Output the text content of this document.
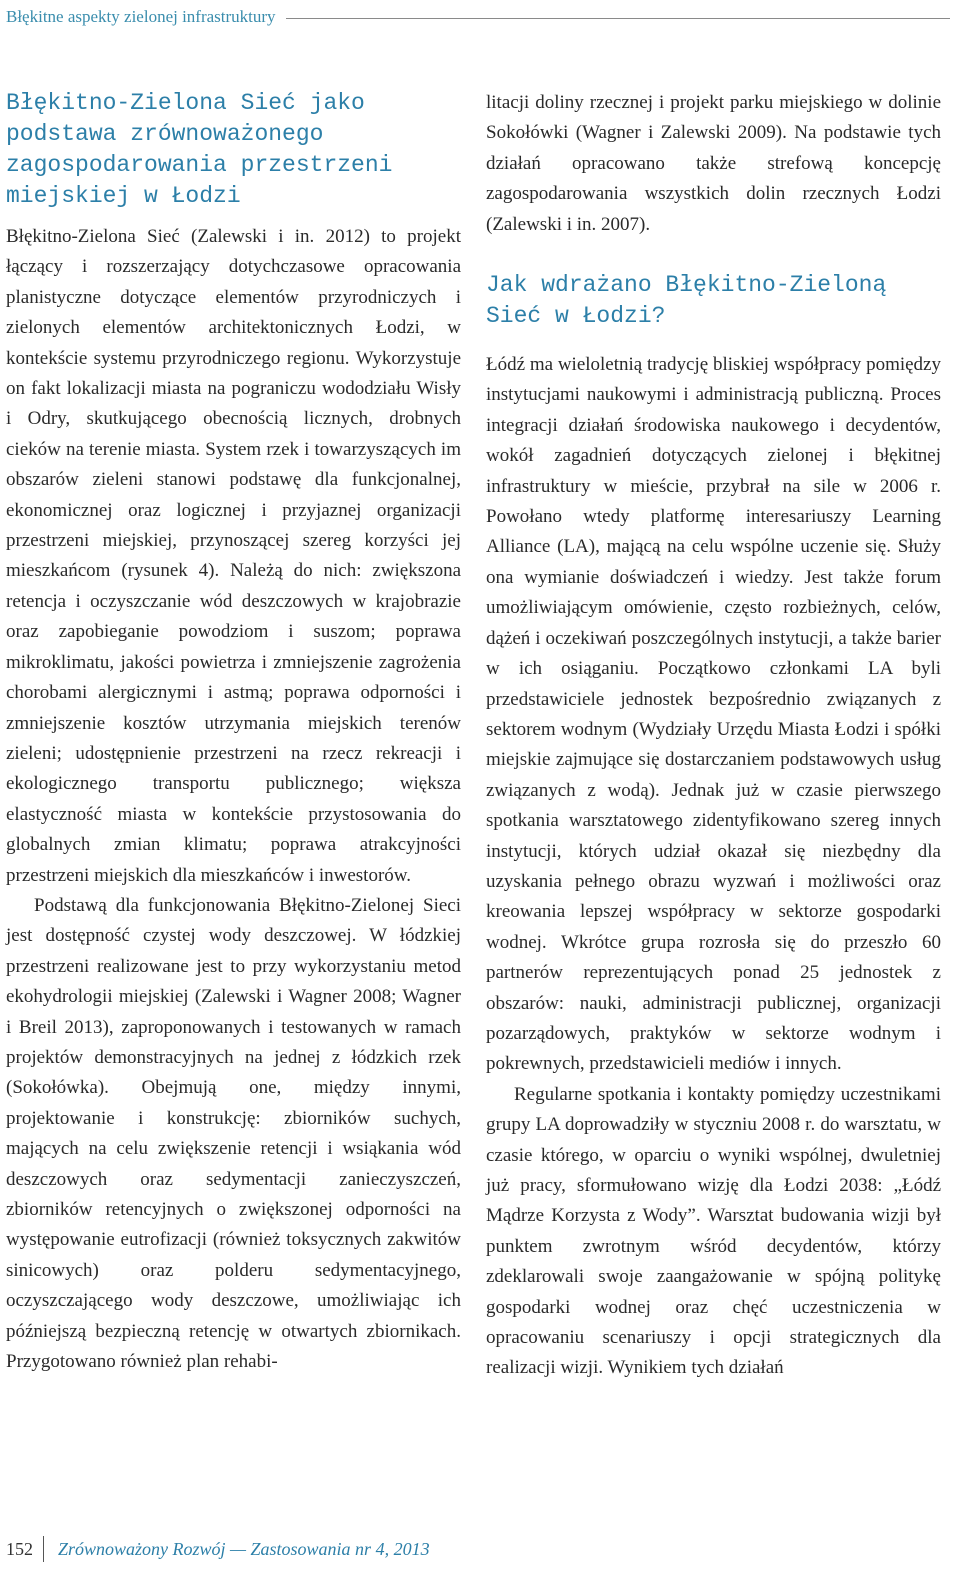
Błękitne aspekty zielonej infrastruktury
Błękitno-Zielona Sieć jako podstawa zrównoważonego zagospodarowania przestrzeni miejskiej w Łodzi

Błękitno-Zielona Sieć (Zalewski i in. 2012) to projekt łączący i rozszerzający dotychczasowe opracowania planistyczne dotyczące elementów przyrodniczych i zielonych elementów architektonicznych Łodzi, w kontekście systemu przyrodniczego regionu. Wykorzystuje on fakt lokalizacji miasta na pograniczu wododziału Wisły i Odry, skutkującego obecnością licznych, drobnych cieków na terenie miasta. System rzek i towarzyszących im obszarów zieleni stanowi podstawę dla funkcjonalnej, ekonomicznej oraz logicznej i przyjaznej organizacji przestrzeni miejskiej, przynoszącej szereg korzyści jej mieszkańcom (rysunek 4). Należą do nich: zwiększona retencja i oczyszczanie wód deszczowych w krajobrazie oraz zapobieganie powodziom i suszom; poprawa mikroklimatu, jakości powietrza i zmniejszenie zagrożenia chorobami alergicznymi i astmą; poprawa odporności i zmniejszenie kosztów utrzymania miejskich terenów zieleni; udostępnienie przestrzeni na rzecz rekreacji i ekologicznego transportu publicznego; większa elastyczność miasta w kontekście przystosowania do globalnych zmian klimatu; poprawa atrakcyjności przestrzeni miejskich dla mieszkańców i inwestorów.

Podstawą dla funkcjonowania Błękitno-Zielonej Sieci jest dostępność czystej wody deszczowej. W łódzkiej przestrzeni realizowane jest to przy wykorzystaniu metod ekohydrologii miejskiej (Zalewski i Wagner 2008; Wagner i Breil 2013), zaproponowanych i testowanych w ramach projektów demonstracyjnych na jednej z łódzkich rzek (Sokołówka). Obejmują one, między innymi, projektowanie i konstrukcję: zbiorników suchych, mających na celu zwiększenie retencji i wsiąkania wód deszczowych oraz sedymentacji zanieczyszczeń, zbiorników retencyjnych o zwiększonej odporności na występowanie eutrofizacji (również toksycznych zakwitów sinicowych) oraz polderu sedymentacyjnego, oczyszczającego wody deszczowe, umożliwiając ich późniejszą bezpieczną retencję w otwartych zbiornikach. Przygotowano również plan rehabi-

litacji doliny rzecznej i projekt parku miejskiego w dolinie Sokołówki (Wagner i Zalewski 2009). Na podstawie tych działań opracowano także strefową koncepcję zagospodarowania wszystkich dolin rzecznych Łodzi (Zalewski i in. 2007).

Jak wdrażano Błękitno-Zieloną Sieć w Łodzi?

Łódź ma wieloletnią tradycję bliskiej współpracy pomiędzy instytucjami naukowymi i administracją publiczną. Proces integracji działań środowiska naukowego i decydentów, wokół zagadnień dotyczących zielonej i błękitnej infrastruktury w mieście, przybrał na sile w 2006 r. Powołano wtedy platformę interesariuszy Learning Alliance (LA), mającą na celu wspólne uczenie się. Służy ona wymianie doświadczeń i wiedzy. Jest także forum umożliwiającym omówienie, często rozbieżnych, celów, dążeń i oczekiwań poszczególnych instytucji, a także barier w ich osiąganiu. Początkowo członkami LA byli przedstawiciele jednostek bezpośrednio związanych z sektorem wodnym (Wydziały Urzędu Miasta Łodzi i spółki miejskie zajmujące się dostarczaniem podstawowych usług związanych z wodą). Jednak już w czasie pierwszego spotkania warsztatowego zidentyfikowano szereg innych instytucji, których udział okazał się niezbędny dla uzyskania pełnego obrazu wyzwań i możliwości oraz kreowania lepszej współpracy w sektorze gospodarki wodnej. Wkrótce grupa rozrosła się do przeszło 60 partnerów reprezentujących ponad 25 jednostek z obszarów: nauki, administracji publicznej, organizacji pozarządowych, praktyków w sektorze wodnym i pokrewnych, przedstawicieli mediów i innych.

Regularne spotkania i kontakty pomiędzy uczestnikami grupy LA doprowadziły w styczniu 2008 r. do warsztatu, w czasie którego, w oparciu o wyniki wspólnej, dwuletniej już pracy, sformułowano wizję dla Łodzi 2038: „Łódź Mądrze Korzysta z Wody”. Warsztat budowania wizji był punktem zwrotnym wśród decydentów, którzy zdeklarowali swoje zaangażowanie w spójną politykę gospodarki wodnej oraz chęć uczestniczenia w opracowaniu scenariuszy i opcji strategicznych dla realizacji wizji. Wynikiem tych działań

152	Zrównoważony Rozwój — Zastosowania nr 4, 2013
